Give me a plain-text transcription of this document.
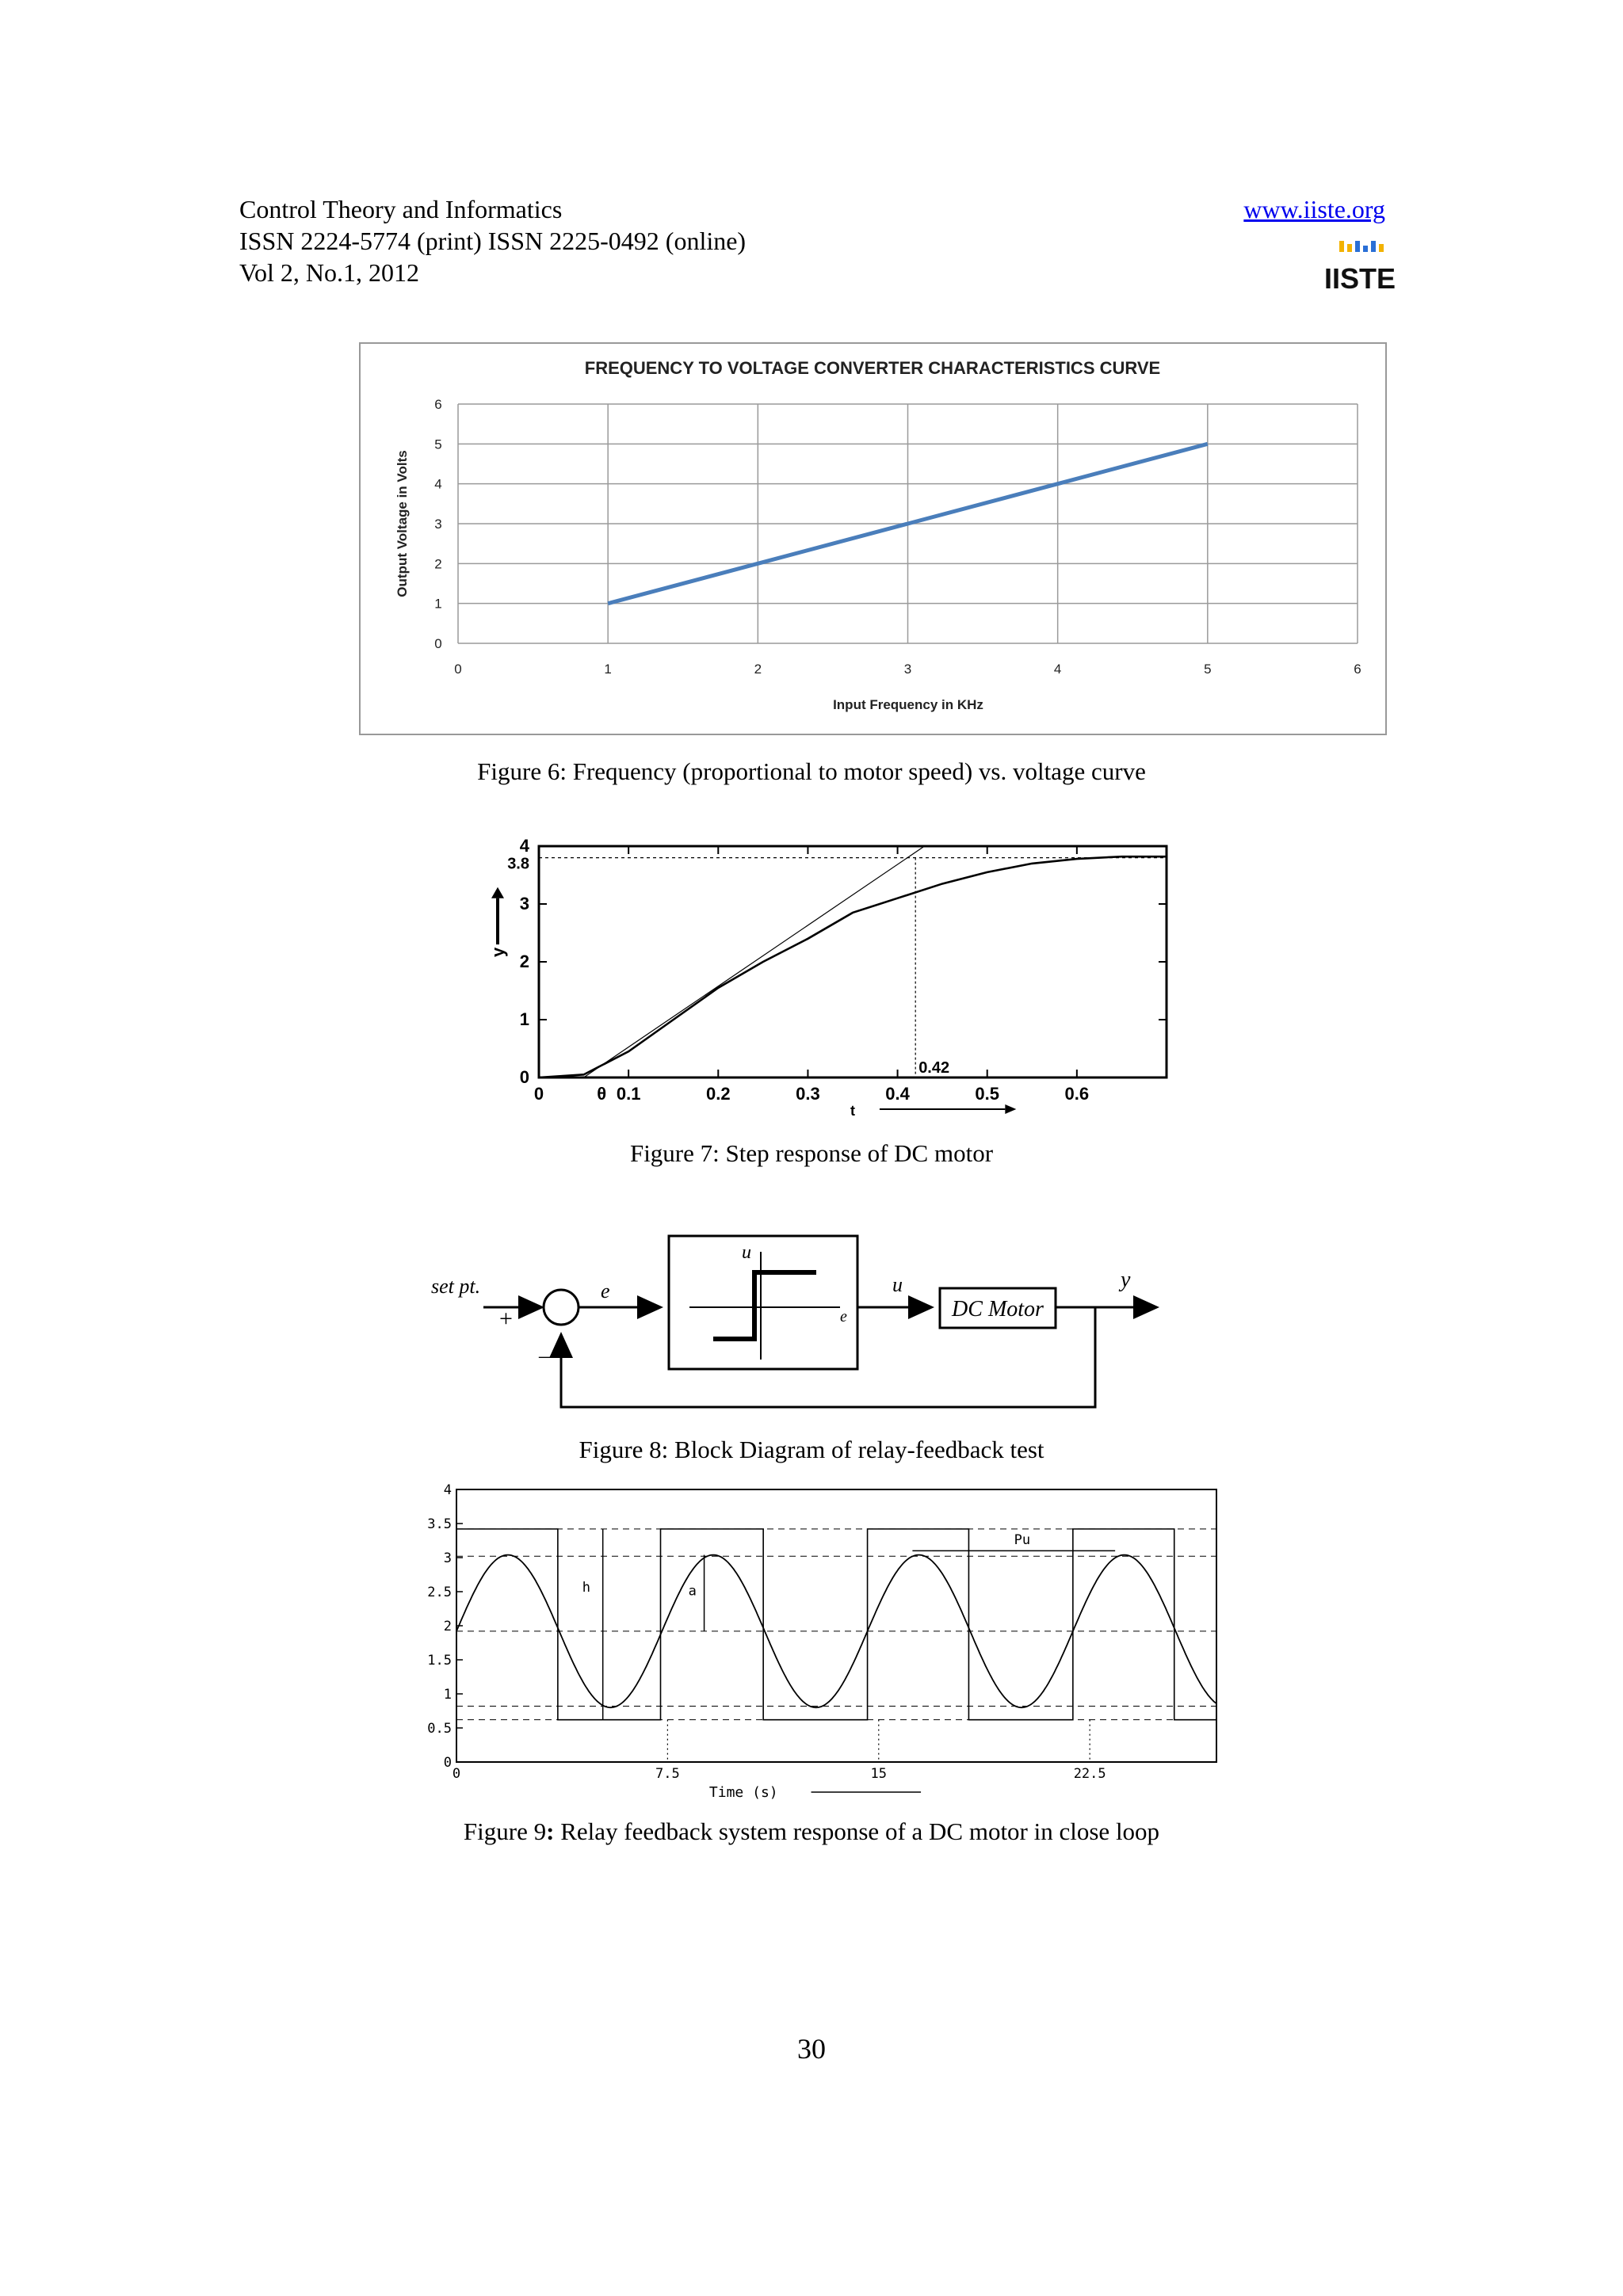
Control Theory and Informatics
ISSN 2224-5774 (print) ISSN 2225-0492 (online)
Vol 2, No.1, 2012
www.iiste.org
IISTE
FREQUENCY TO VOLTAGE CONVERTER CHARACTERISTICS CURVE
0	1	2	3	4	5	6
0
1
2
3
4
5
6
Input Frequency in KHz
Output Voltage in Volts
Figure 6: Frequency (proportional to motor speed) vs. voltage curve
0
1
2
3
4
0	0.1	0.2	0.3	0.4	0.5	0.6
3.8
0.42
θ
t
y
Figure 7: Step response of DC motor
set pt.
+
e
u
e
u
DC Motor
y
—
Figure 8: Block Diagram of relay-feedback test
0
0.5
1
1.5
2
2.5
3
3.5
4
0	7.5	15	22.5
h	a
Pu
Time (s)
Figure 9: Relay feedback system response of a DC motor in close loop
30
